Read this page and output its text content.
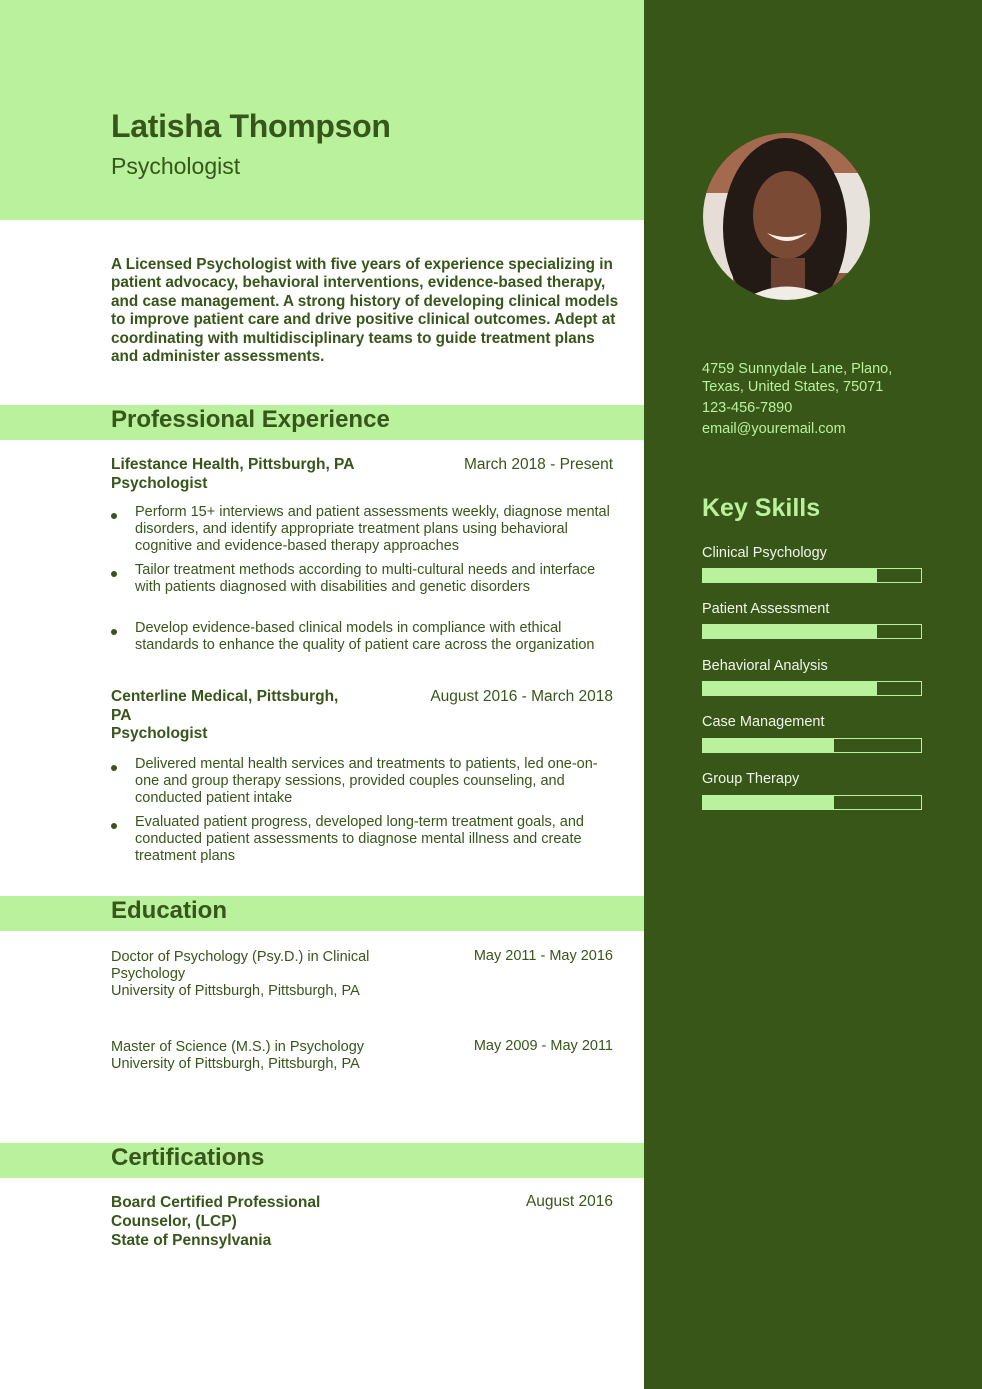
Latisha Thompson
Psychologist

A Licensed Psychologist with five years of experience specializing in patient advocacy, behavioral interventions, evidence-based therapy, and case management. A strong history of developing clinical models to improve patient care and drive positive clinical outcomes. Adept at coordinating with multidisciplinary teams to guide treatment plans and administer assessments.

4759 Sunnydale Lane, Plano,
Texas, United States, 75071
123-456-7890
email@youremail.com
Key Skills
Clinical Psychology
Patient Assessment
Behavioral Analysis
Case Management
Group Therapy
Professional Experience
Lifestance Health, Pittsburgh, PA
Psychologist
March 2018 - Present
Perform 15+ interviews and patient assessments weekly, diagnose mental disorders, and identify appropriate treatment plans using behavioral cognitive and evidence-based therapy approaches
Tailor treatment methods according to multi-cultural needs and interface with patients diagnosed with disabilities and genetic disorders
Develop evidence-based clinical models in compliance with ethical standards to enhance the quality of patient care across the organization
Centerline Medical, Pittsburgh,
PA
Psychologist
August 2016 - March 2018
Delivered mental health services and treatments to patients, led one-on-one and group therapy sessions, provided couples counseling, and conducted patient intake
Evaluated patient progress, developed long-term treatment goals, and conducted patient assessments to diagnose mental illness and create treatment plans
Education
Doctor of Psychology (Psy.D.) in Clinical Psychology
University of Pittsburgh, Pittsburgh, PA
May 2011 - May 2016
Master of Science (M.S.) in Psychology
University of Pittsburgh, Pittsburgh, PA
May 2009 - May 2011
Certifications
Board Certified Professional Counselor, (LCP)
State of Pennsylvania
August 2016
